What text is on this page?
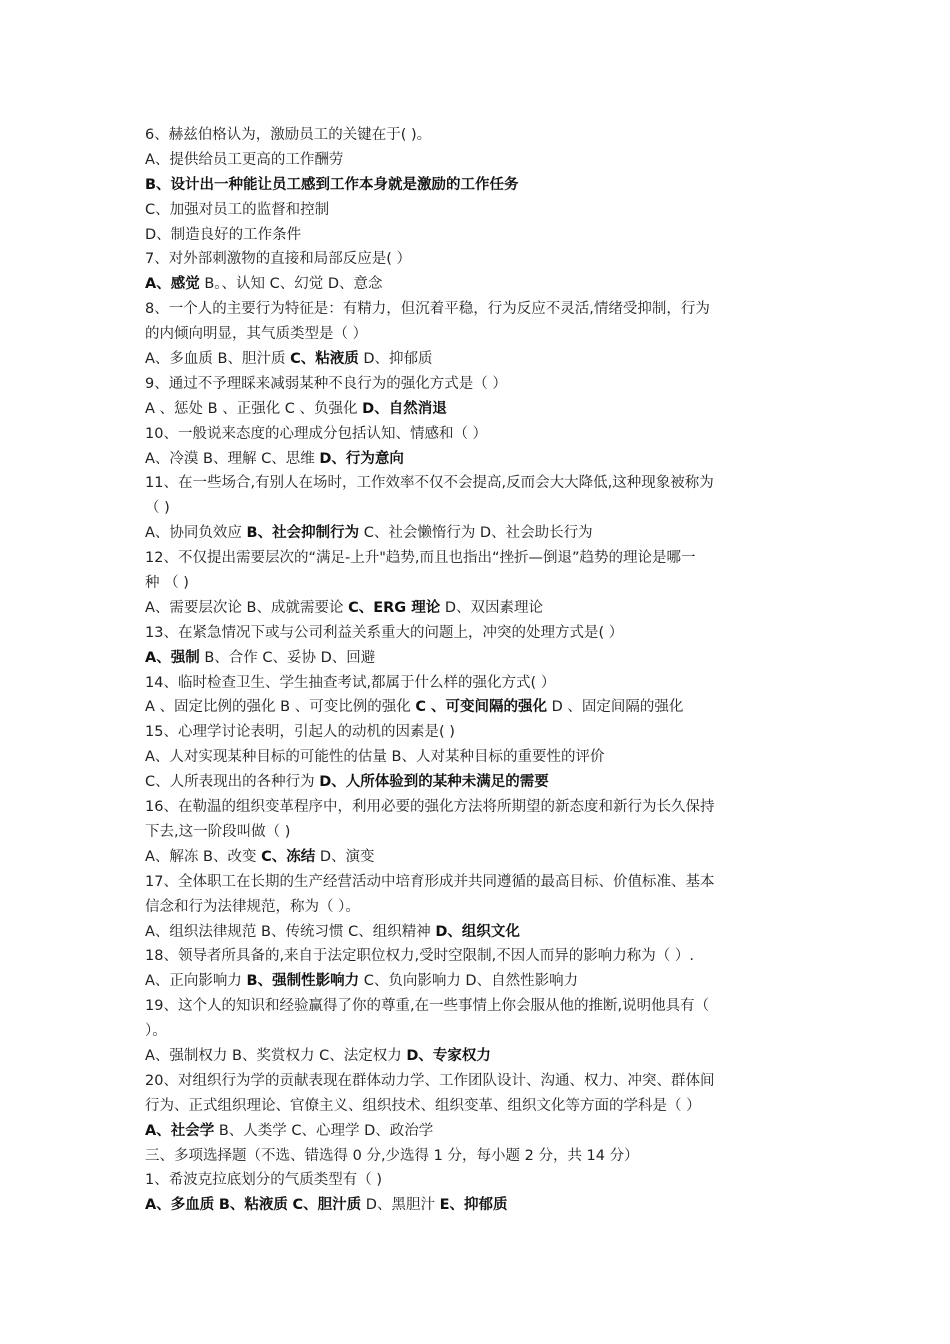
6、赫兹伯格认为，激励员工的关键在于( )。
A、提供给员工更高的工作酬劳
B、设计出一种能让员工感到工作本身就是激励的工作任务
C、加强对员工的监督和控制
D、制造良好的工作条件
7、对外部刺激物的直接和局部反应是( ）
A、感觉 B。、认知 C、幻觉 D、意念
8、一个人的主要行为特征是：有精力，但沉着平稳，行为反应不灵活,情绪受抑制，行为
的内倾向明显，其气质类型是（ ）
A、多血质 B、胆汁质 C、粘液质 D、抑郁质
9、通过不予理睬来减弱某种不良行为的强化方式是（ ）
A 、惩处 B 、正强化 C 、负强化 D、自然消退
10、一般说来态度的心理成分包括认知、情感和（ ）
A、冷漠 B、理解 C、思维 D、行为意向
11、在一些场合,有别人在场时，工作效率不仅不会提高,反而会大大降低,这种现象被称为
（ )
A、协同负效应 B、社会抑制行为 C、社会懒惰行为 D、社会助长行为
12、不仅提出需要层次的“满足-上升"趋势,而且也指出“挫折—倒退”趋势的理论是哪一
种 （ )
A、需要层次论 B、成就需要论 C、ERG 理论 D、双因素理论
13、在紧急情况下或与公司利益关系重大的问题上，冲突的处理方式是( ）
A、强制 B、合作 C、妥协 D、回避
14、临时检查卫生、学生抽查考试,都属于什么样的强化方式( ）
A 、固定比例的强化 B 、可变比例的强化 C 、可变间隔的强化 D 、固定间隔的强化
15、心理学讨论表明，引起人的动机的因素是( )
A、人对实现某种目标的可能性的估量 B、人对某种目标的重要性的评价
C、人所表现出的各种行为 D、人所体验到的某种未满足的需要
16、在勒温的组织变革程序中，利用必要的强化方法将所期望的新态度和新行为长久保持
下去,这一阶段叫做（ )
A、解冻 B、改变 C、冻结 D、演变
17、全体职工在长期的生产经营活动中培育形成并共同遵循的最高目标、价值标准、基本
信念和行为法律规范，称为（ ）。
A、组织法律规范 B、传统习惯 C、组织精神 D、组织文化
18、领导者所具备的,来自于法定职位权力,受时空限制,不因人而异的影响力称为（ ）.
A、正向影响力 B、强制性影响力 C、负向影响力 D、自然性影响力
19、这个人的知识和经验赢得了你的尊重,在一些事情上你会服从他的推断,说明他具有（
）。
A、强制权力 B、奖赏权力 C、法定权力 D、专家权力
20、对组织行为学的贡献表现在群体动力学、工作团队设计、沟通、权力、冲突、群体间
行为、正式组织理论、官僚主义、组织技术、组织变革、组织文化等方面的学科是（ ）
A、社会学 B、人类学 C、心理学 D、政治学
三、多项选择题（不选、错选得 0 分,少选得 1 分，每小题 2 分，共 14 分）
1、希波克拉底划分的气质类型有（ )
A、多血质 B、粘液质 C、胆汁质 D、黑胆汁 E、抑郁质
